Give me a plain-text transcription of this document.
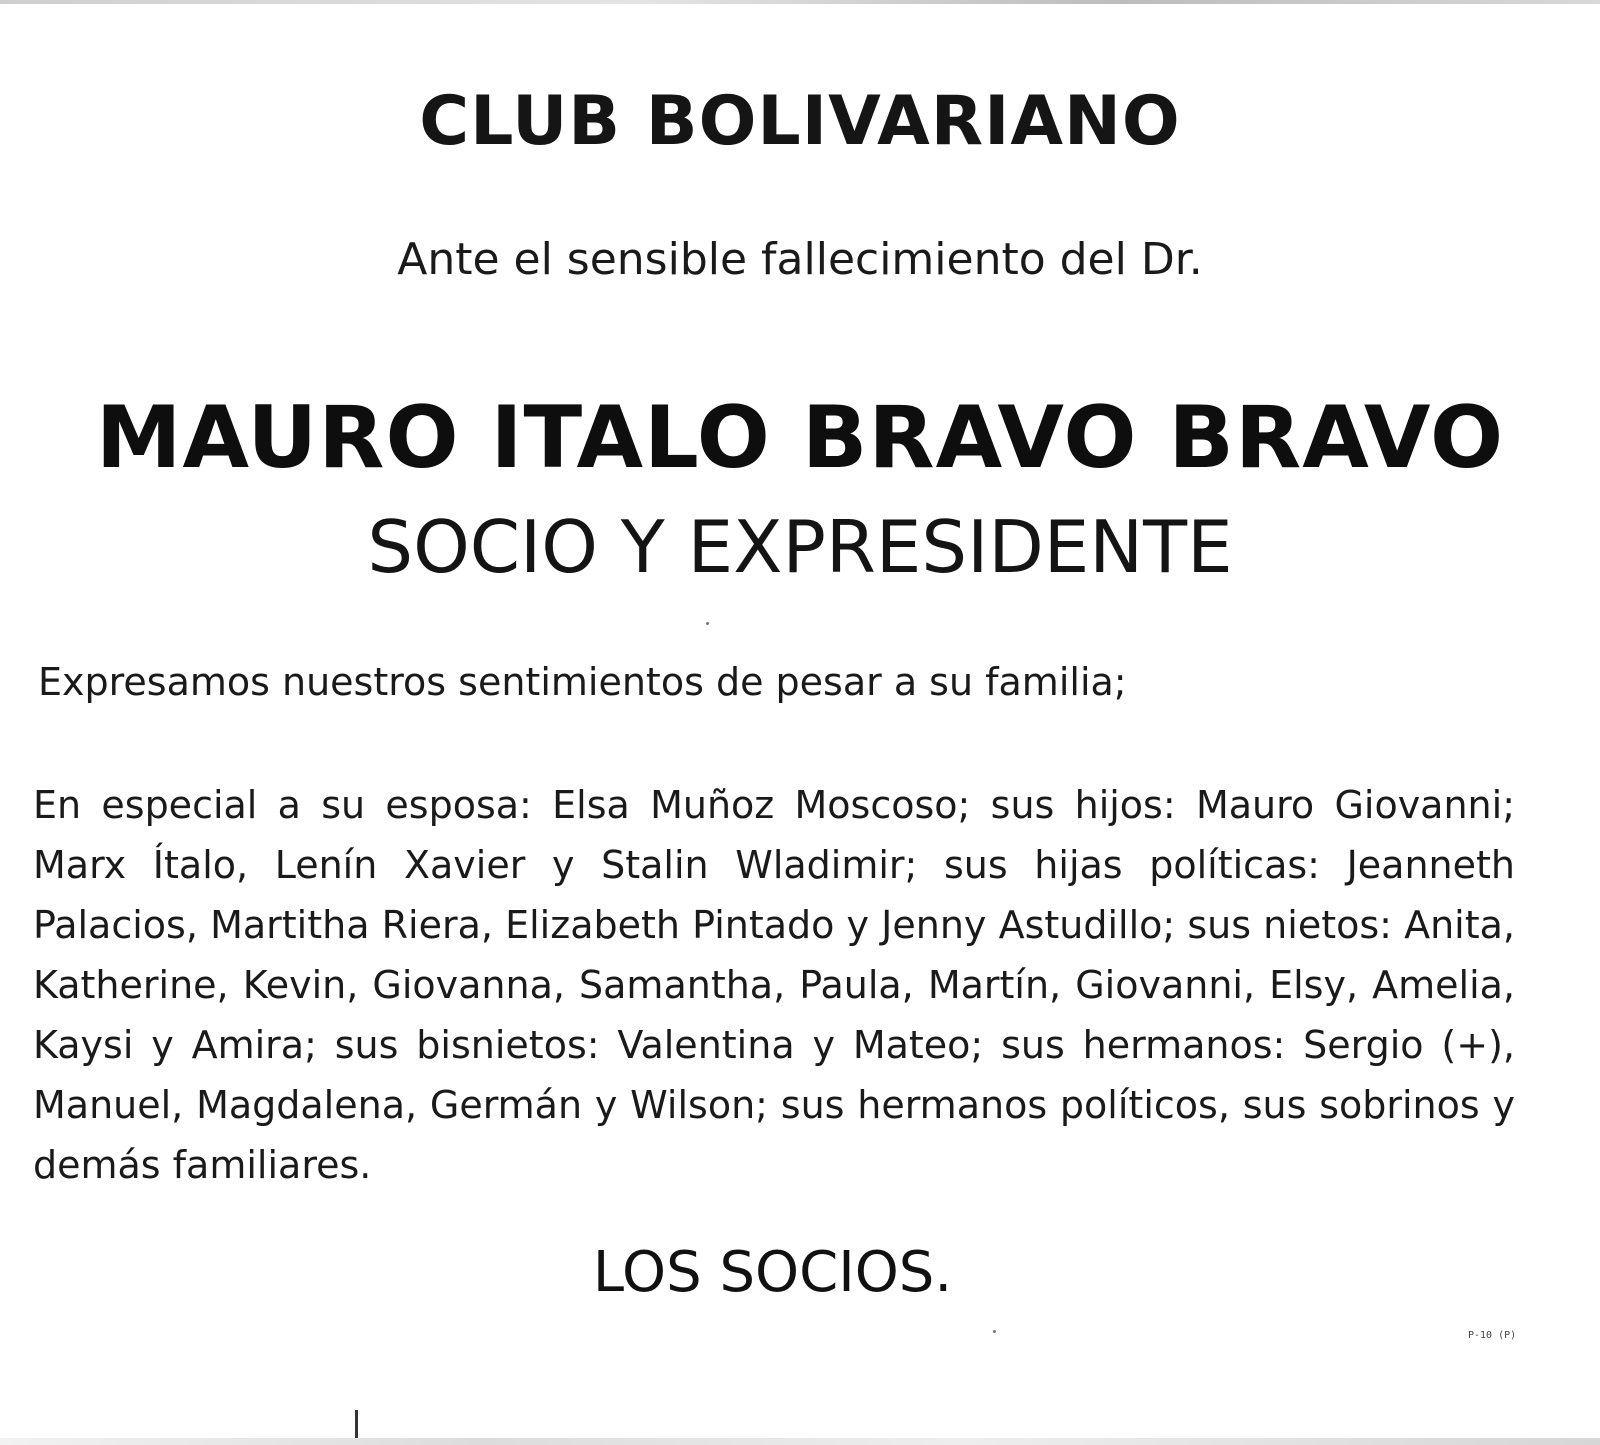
CLUB BOLIVARIANO
Ante el sensible fallecimiento del Dr.
MAURO ITALO BRAVO BRAVO
SOCIO Y EXPRESIDENTE
Expresamos nuestros sentimientos de pesar a su familia;
En especial a su esposa: Elsa Muñoz Moscoso; sus hijos: Mauro Giovanni; Marx Ítalo, Lenín Xavier y Stalin Wladimir; sus hijas políticas: Jeanneth Palacios, Martitha Riera, Elizabeth Pintado y Jenny Astudillo; sus nietos: Anita, Katherine, Kevin, Giovanna, Samantha, Paula, Martín, Giovanni, Elsy, Amelia, Kaysi y Amira; sus bisnietos: Valentina y Mateo; sus hermanos: Sergio (+), Manuel, Magdalena, Germán y Wilson; sus hermanos políticos, sus sobrinos y demás familiares.
LOS SOCIOS.
P-10 (P)
